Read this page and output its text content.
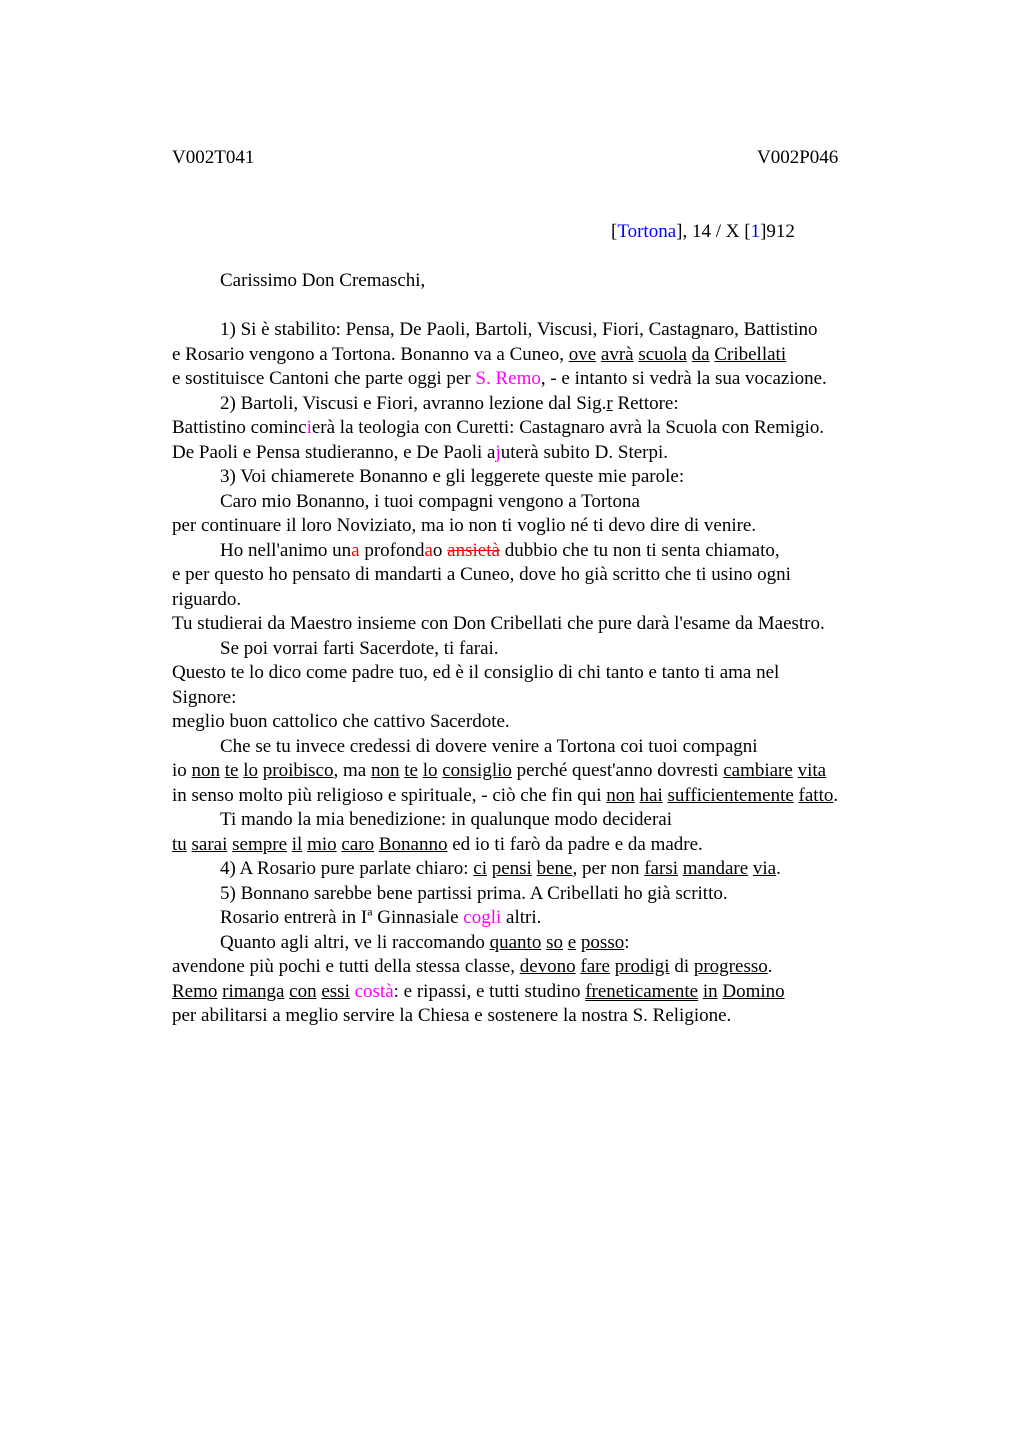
V002T041	V002P046
[Tortona], 14 / X [1]912
Carissimo Don Cremaschi,
1) Si è stabilito: Pensa, De Paoli, Bartoli, Viscusi, Fiori, Castagnaro, Battistino
e Rosario vengono a Tortona. Bonanno va a Cuneo, ove avrà scuola da Cribellati
e sostituisce Cantoni che parte oggi per S. Remo, - e intanto si vedrà la sua vocazione.
2) Bartoli, Viscusi e Fiori, avranno lezione dal Sig.r Rettore:
Battistino comincierà la teologia con Curetti: Castagnaro avrà la Scuola con Remigio.
De Paoli e Pensa studieranno, e De Paoli ajuterà subito D. Sterpi.
3) Voi chiamerete Bonanno e gli leggerete queste mie parole:
Caro mio Bonanno, i tuoi compagni vengono a Tortona
per continuare il loro Noviziato, ma io non ti voglio né ti devo dire di venire.
Ho nell'animo una profondao ansietà dubbio che tu non ti senta chiamato,
e per questo ho pensato di mandarti a Cuneo, dove ho già scritto che ti usino ogni
riguardo.
Tu studierai da Maestro insieme con Don Cribellati che pure darà l'esame da Maestro.
Se poi vorrai farti Sacerdote, ti farai.
Questo te lo dico come padre tuo, ed è il consiglio di chi tanto e tanto ti ama nel
Signore:
meglio buon cattolico che cattivo Sacerdote.
Che se tu invece credessi di dovere venire a Tortona coi tuoi compagni
io non te lo proibisco, ma non te lo consiglio perché quest'anno dovresti cambiare vita
in senso molto più religioso e spirituale, - ciò che fin qui non hai sufficientemente fatto.
Ti mando la mia benedizione: in qualunque modo deciderai
tu sarai sempre il mio caro Bonanno ed io ti farò da padre e da madre.
4) A Rosario pure parlate chiaro: ci pensi bene, per non farsi mandare via.
5) Bonnano sarebbe bene partissi prima. A Cribellati ho già scritto.
Rosario entrerà in $I^a$ Ginnasiale cogli altri.
Quanto agli altri, ve li raccomando quanto so e posso:
avendone più pochi e tutti della stessa classe, devono fare prodigi di progresso.
Remo rimanga con essi costà: e ripassi, e tutti studino freneticamente in Domino
per abilitarsi a meglio servire la Chiesa e sostenere la nostra S. Religione.
